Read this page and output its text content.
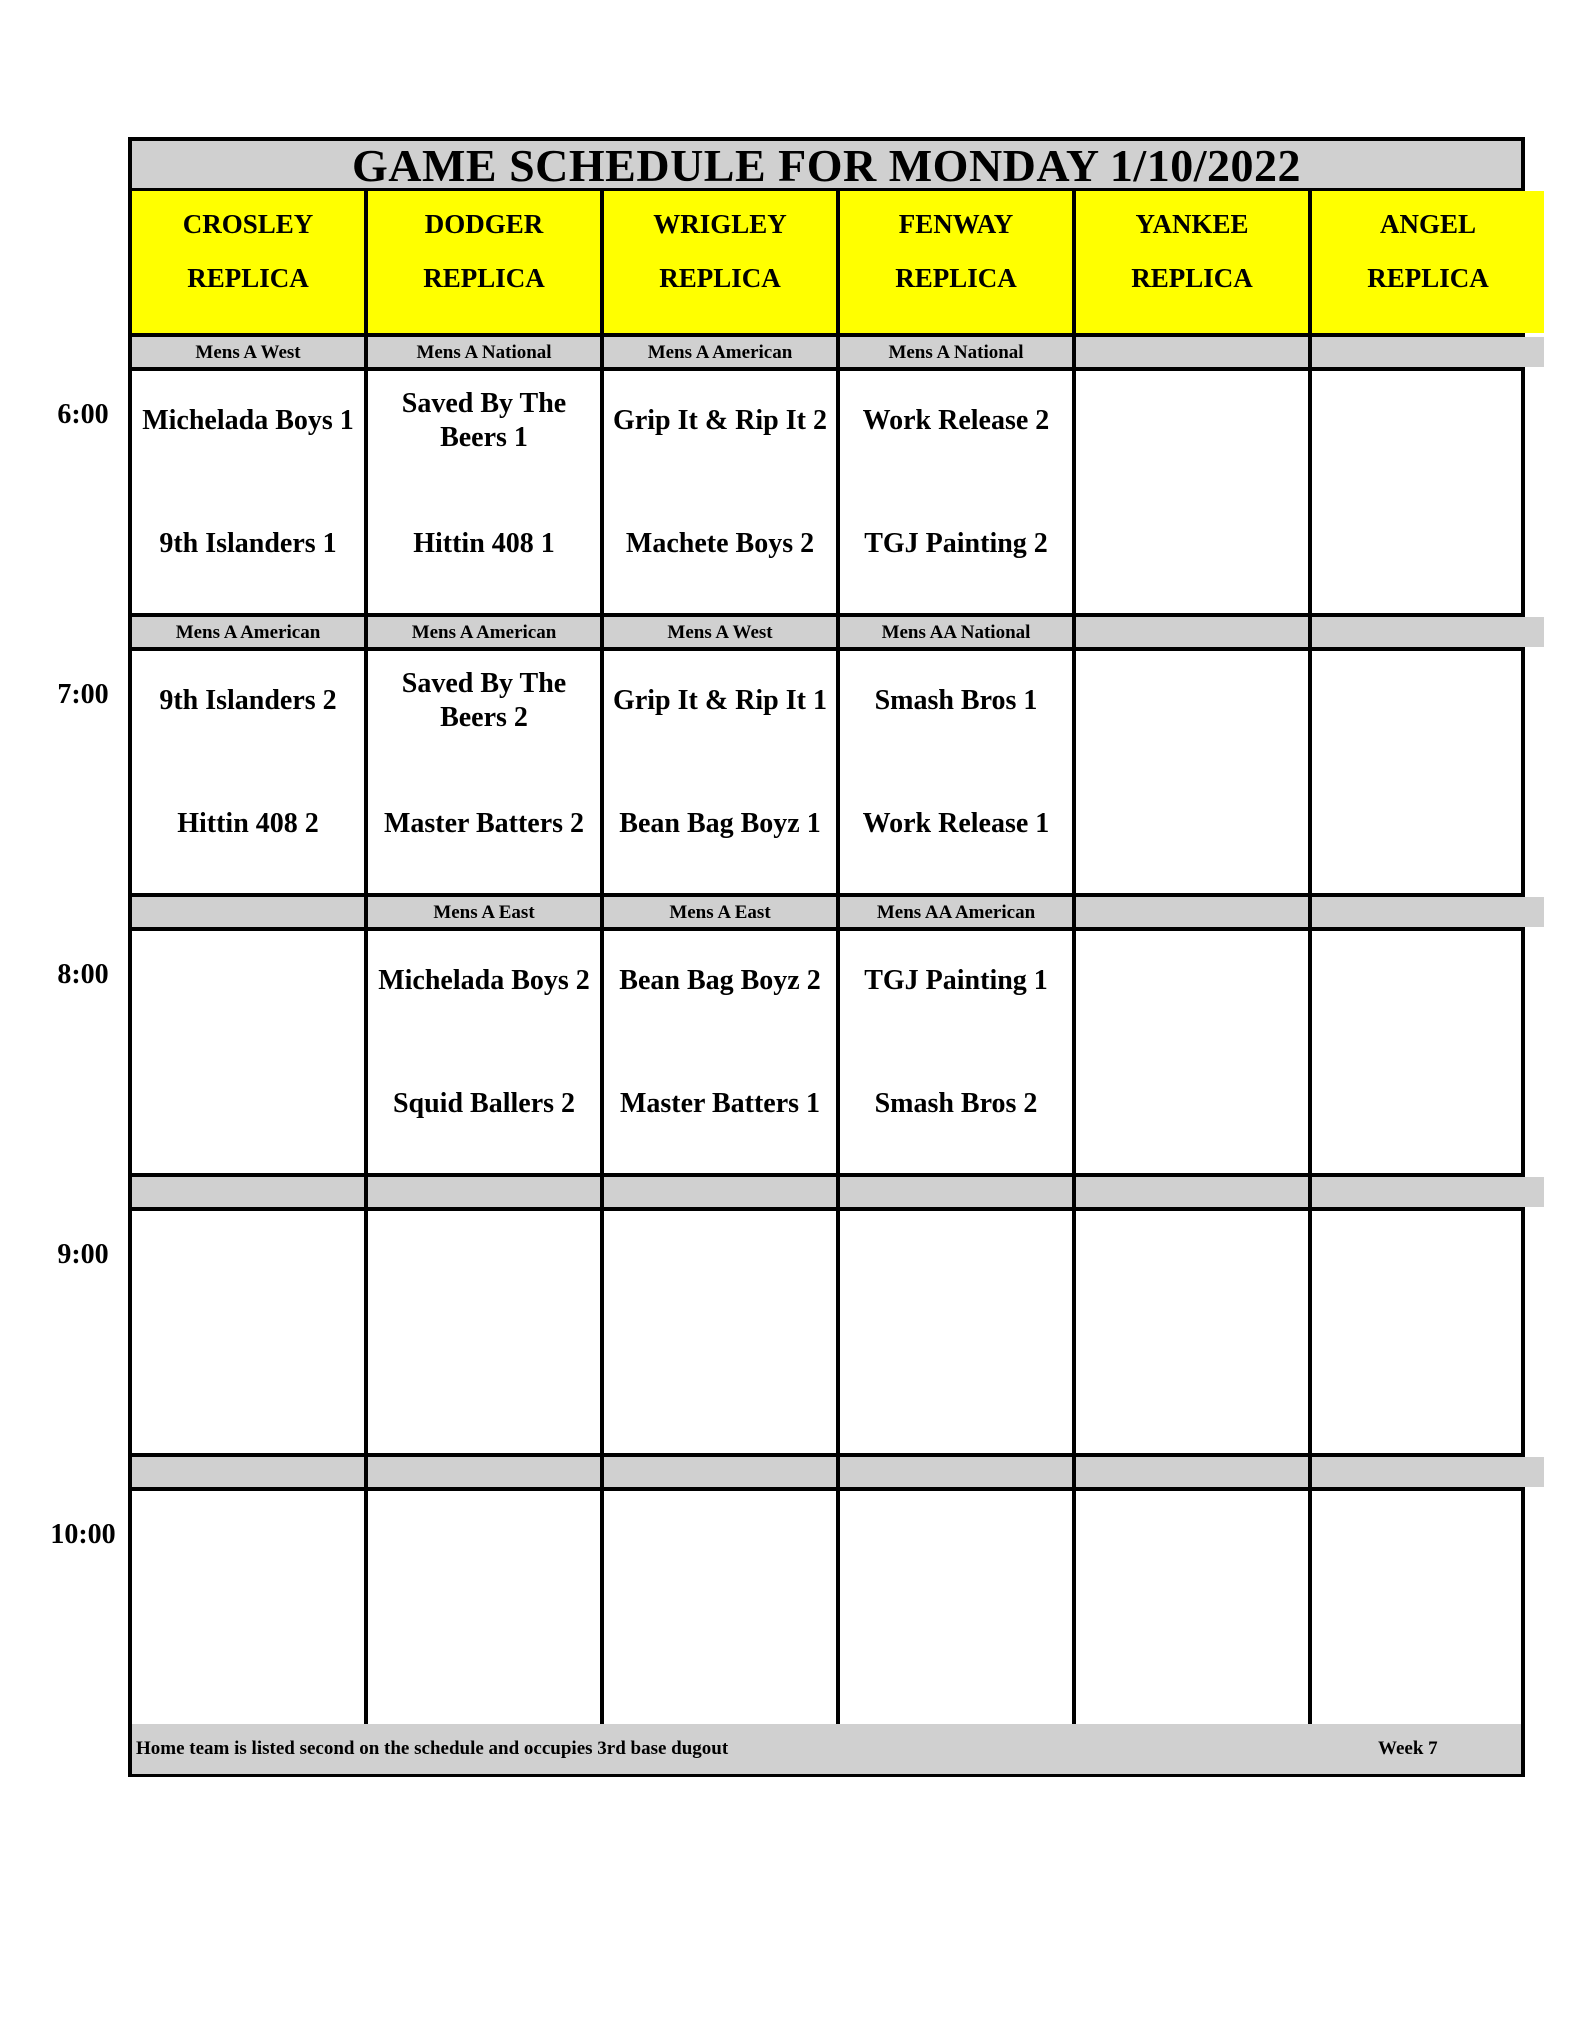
GAME SCHEDULE FOR MONDAY 1/10/2022
CROSLEY
REPLICA
DODGER
REPLICA
WRIGLEY
REPLICA
FENWAY
REPLICA
YANKEE
REPLICA
ANGEL
REPLICA
Mens A West
Michelada Boys 1
9th Islanders 1
Mens A National
Saved By The Beers 1
Hittin 408 1
Mens A American
Grip It & Rip It 2
Machete Boys 2
Mens A National
Work Release 2
TGJ Painting 2
Mens A American
9th Islanders 2
Hittin 408 2
Mens A American
Saved By The Beers 2
Master Batters 2
Mens A West
Grip It & Rip It 1
Bean Bag Boyz 1
Mens AA National
Smash Bros 1
Work Release 1
Mens A East
Michelada Boys 2
Squid Ballers 2
Mens A East
Bean Bag Boyz 2
Master Batters 1
Mens AA American
TGJ Painting 1
Smash Bros 2
Home team is listed second on the schedule and occupies 3rd base dugout	Week 7
6:00
7:00
8:00
9:00
10:00
